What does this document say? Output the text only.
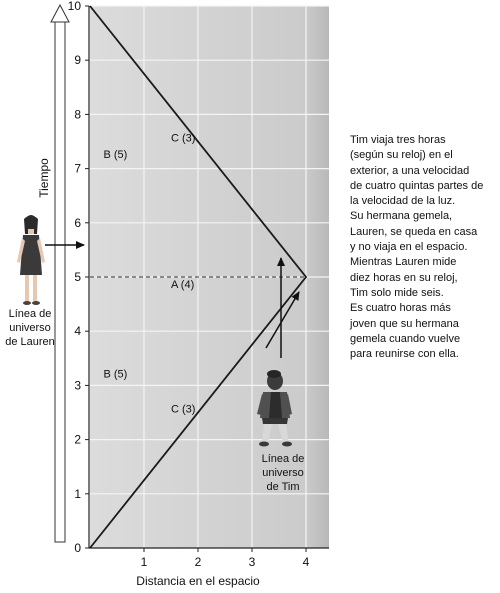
0
1
2
3
4
5
6
7
8
9
10
1	2	3	4
Tiempo
Distancia en el espacio
B (5)
B (5)
C (3)
C (3)
A (4)
Línea de
universo
de Lauren
Línea de
universo
de Tim
Tim viaja tres horas
(según su reloj) en el
exterior, a una velocidad
de cuatro quintas partes de
la velocidad de la luz.
Su hermana gemela,
Lauren, se queda en casa
y no viaja en el espacio.
Mientras Lauren mide
diez horas en su reloj,
Tim solo mide seis.
Es cuatro horas más
joven que su hermana
gemela cuando vuelve
para reunirse con ella.
